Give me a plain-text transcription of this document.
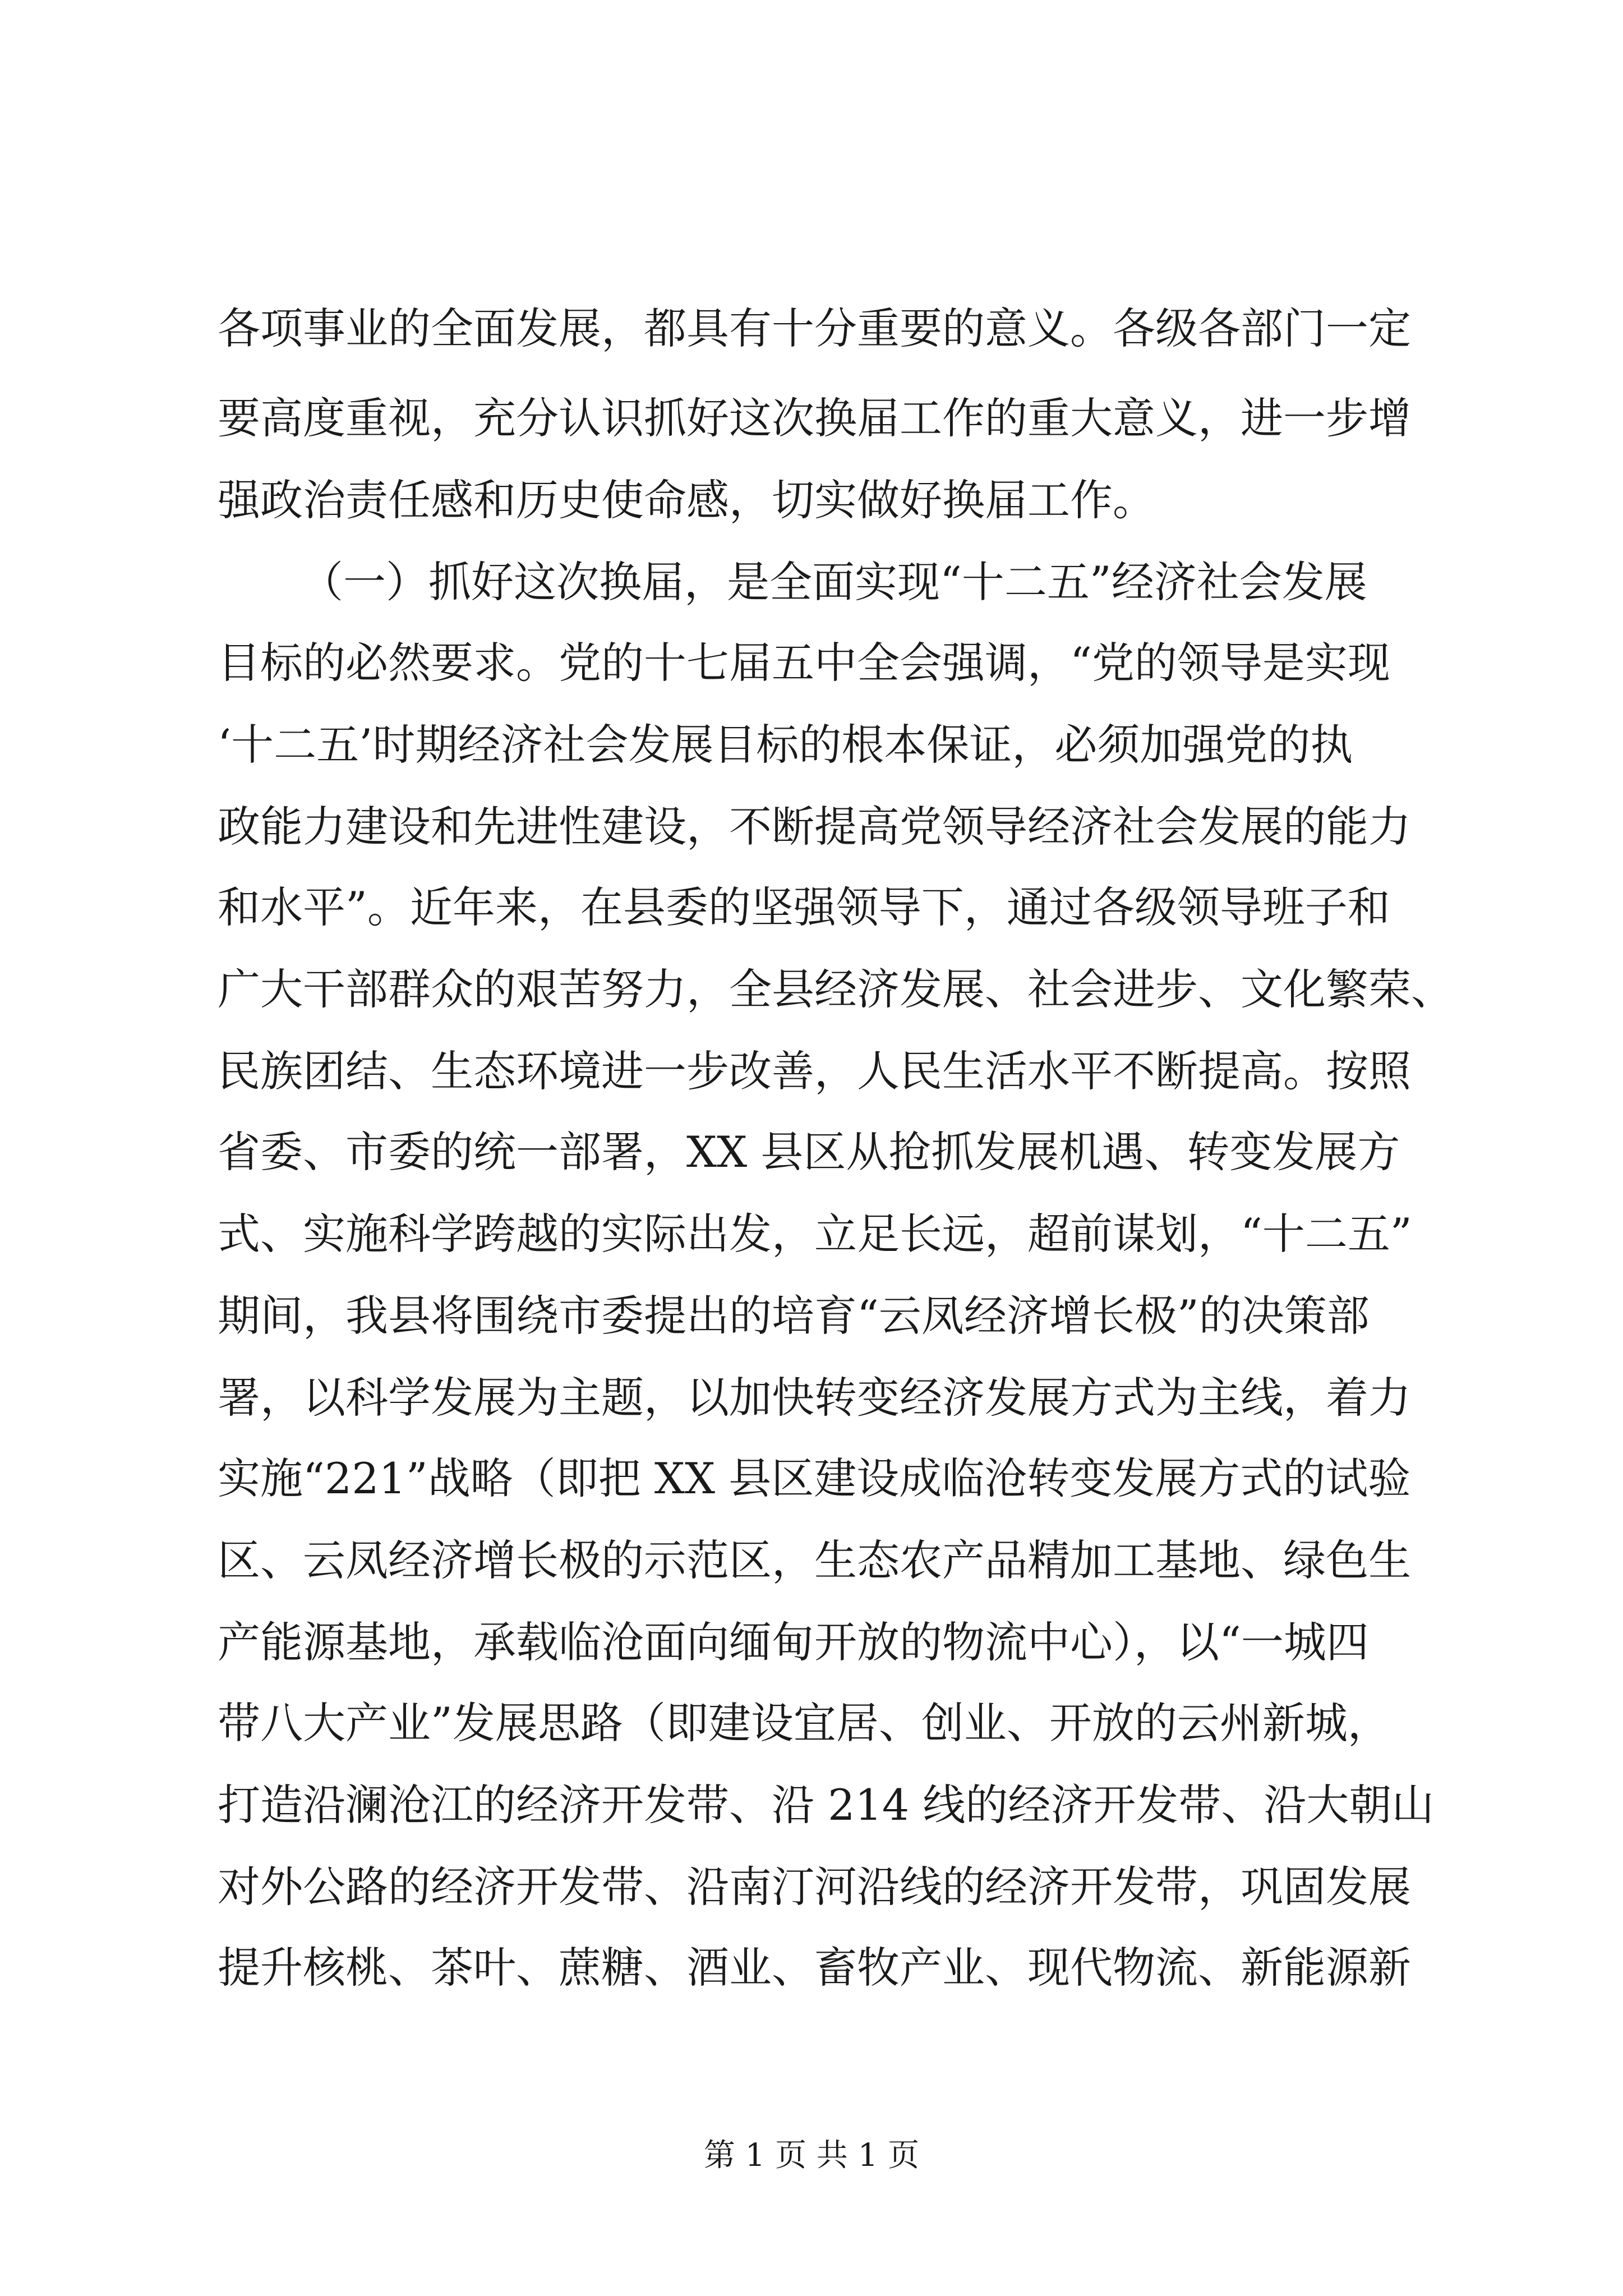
各项事业的全面发展，都具有十分重要的意义。各级各部门一定
要高度重视，充分认识抓好这次换届工作的重大意义，进一步增
强政治责任感和历史使命感，切实做好换届工作。
（一）抓好这次换届，是全面实现“十二五”经济社会发展
目标的必然要求。党的十七届五中全会强调，“党的领导是实现
‘十二五’时期经济社会发展目标的根本保证，必须加强党的执
政能力建设和先进性建设，不断提高党领导经济社会发展的能力
和水平”。近年来，在县委的坚强领导下，通过各级领导班子和
广大干部群众的艰苦努力，全县经济发展、社会进步、文化繁荣、
民族团结、生态环境进一步改善，人民生活水平不断提高。按照
省委、市委的统一部署，XX 县区从抢抓发展机遇、转变发展方
式、实施科学跨越的实际出发，立足长远，超前谋划，“十二五”
期间，我县将围绕市委提出的培育“云凤经济增长极”的决策部
署，以科学发展为主题，以加快转变经济发展方式为主线，着力
实施“221”战略（即把 XX 县区建设成临沧转变发展方式的试验
区、云凤经济增长极的示范区，生态农产品精加工基地、绿色生
产能源基地，承载临沧面向缅甸开放的物流中心），以“一城四
带八大产业”发展思路（即建设宜居、创业、开放的云州新城，
打造沿澜沧江的经济开发带、沿 214 线的经济开发带、沿大朝山
对外公路的经济开发带、沿南汀河沿线的经济开发带，巩固发展
提升核桃、茶叶、蔗糖、酒业、畜牧产业、现代物流、新能源新
第 1 页 共 1 页
